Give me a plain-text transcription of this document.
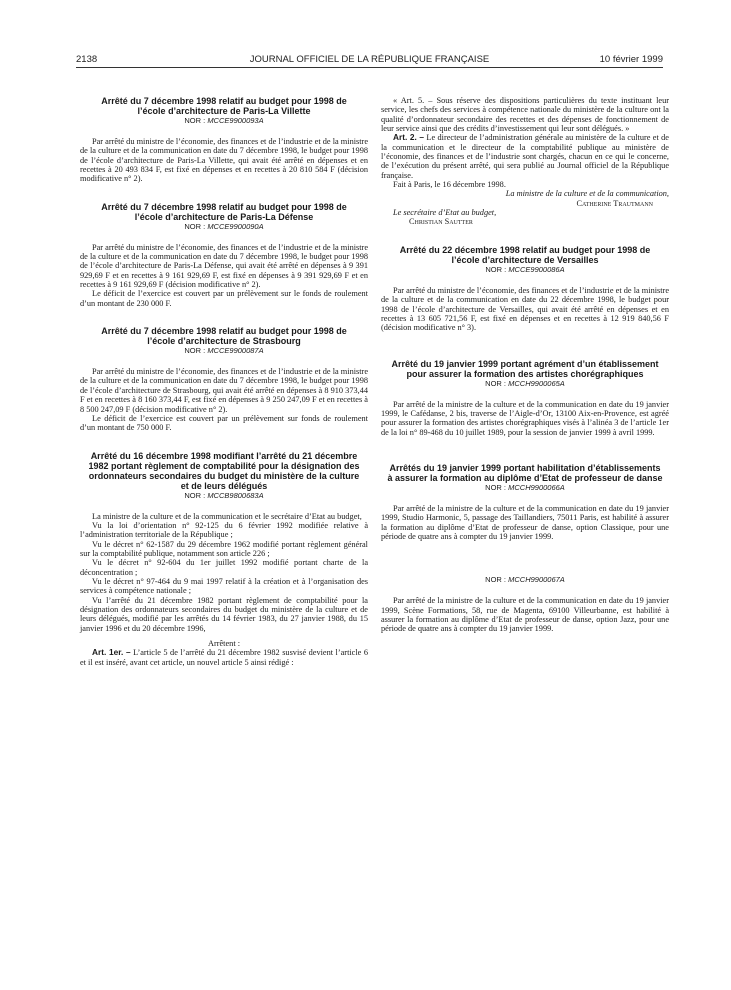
2138	JOURNAL OFFICIEL DE LA RÉPUBLIQUE FRANÇAISE	10 février 1999
Arrêté du 7 décembre 1998 relatif au budget pour 1998 de l’école d’architecture de Paris-La Villette
NOR : MCCE9900093A

Par arrêté du ministre de l’économie, des finances et de l’industrie et de la ministre de la culture et de la communication en date du 7 décembre 1998, le budget pour 1998 de l’école d’architecture de Paris-La Villette, qui avait été arrêté en dépenses et en recettes à 20 493 834 F, est fixé en dépenses et en recettes à 20 810 584 F (décision modificative n° 2).

Arrêté du 7 décembre 1998 relatif au budget pour 1998 de l’école d’architecture de Paris-La Défense
NOR : MCCE9900090A

Par arrêté du ministre de l’économie, des finances et de l’industrie et de la ministre de la culture et de la communication en date du 7 décembre 1998, le budget pour 1998 de l’école d’architecture de Paris-La Défense, qui avait été arrêté en dépenses à 9 391 929,69 F et en recettes à 9 161 929,69 F, est fixé en dépenses à 9 391 929,69 F et en recettes à 9 161 929,69 F (décision modificative n° 2).

Le déficit de l’exercice est couvert par un prélèvement sur le fonds de roulement d’un montant de 230 000 F.

Arrêté du 7 décembre 1998 relatif au budget pour 1998 de l’école d’architecture de Strasbourg
NOR : MCCE9900087A

Par arrêté du ministre de l’économie, des finances et de l’industrie et de la ministre de la culture et de la communication en date du 7 décembre 1998, le budget pour 1998 de l’école d’architecture de Strasbourg, qui avait été arrêté en dépenses à 8 910 373,44 F et en recettes à 8 160 373,44 F, est fixé en dépenses à 9 250 247,09 F et en recettes à 8 500 247,09 F (décision modificative n° 2).

Le déficit de l’exercice est couvert par un prélèvement sur fonds de roulement d’un montant de 750 000 F.

Arrêté du 16 décembre 1998 modifiant l’arrêté du 21 décembre 1982 portant règlement de comptabilité pour la désignation des ordonnateurs secondaires du budget du ministère de la culture et de leurs délégués
NOR : MCCB9800683A

La ministre de la culture et de la communication et le secrétaire d’Etat au budget,

Vu la loi d’orientation n° 92-125 du 6 février 1992 modifiée relative à l’administration territoriale de la République ;

Vu le décret n° 62-1587 du 29 décembre 1962 modifié portant règlement général sur la comptabilité publique, notamment son article 226 ;

Vu le décret n° 92-604 du 1er juillet 1992 modifié portant charte de la déconcentration ;

Vu le décret n° 97-464 du 9 mai 1997 relatif à la création et à l’organisation des services à compétence nationale ;

Vu l’arrêté du 21 décembre 1982 portant règlement de comptabilité pour la désignation des ordonnateurs secondaires du budget du ministère de la culture et de leurs délégués, modifié par les arrêtés du 14 février 1983, du 27 janvier 1988, du 15 janvier 1996 et du 20 décembre 1996,

Arrêtent :

Art. 1er. – L’article 5 de l’arrêté du 21 décembre 1982 susvisé devient l’article 6 et il est inséré, avant cet article, un nouvel article 5 ainsi rédigé :

« Art. 5. – Sous réserve des dispositions particulières du texte instituant leur service, les chefs des services à compétence nationale du ministère de la culture ont la qualité d’ordonnateur secondaire des recettes et des dépenses de fonctionnement de leur service ainsi que des crédits d’investissement qui leur sont délégués. »

Art. 2. – Le directeur de l’administration générale au ministère de la culture et de la communication et le directeur de la comptabilité publique au ministère de l’économie, des finances et de l’industrie sont chargés, chacun en ce qui le concerne, de l’exécution du présent arrêté, qui sera publié au Journal officiel de la République française.

Fait à Paris, le 16 décembre 1998.

La ministre de la culture et de la communication,

Catherine Trautmann

Le secrétaire d’Etat au budget,

Christian Sautter

Arrêté du 22 décembre 1998 relatif au budget pour 1998 de l’école d’architecture de Versailles
NOR : MCCE9900086A

Par arrêté du ministre de l’économie, des finances et de l’industrie et de la ministre de la culture et de la communication en date du 22 décembre 1998, le budget pour 1998 de l’école d’architecture de Versailles, qui avait été arrêté en dépenses et en recettes à 13 605 721,56 F, est fixé en dépenses et en recettes à 12 919 840,56 F (décision modificative n° 3).

Arrêté du 19 janvier 1999 portant agrément d’un établissement pour assurer la formation des artistes chorégraphiques
NOR : MCCH9900065A

Par arrêté de la ministre de la culture et de la communication en date du 19 janvier 1999, le Cafédanse, 2 bis, traverse de l’Aigle-d’Or, 13100 Aix-en-Provence, est agréé pour assurer la formation des artistes chorégraphiques visés à l’alinéa 3 de l’article 1er de la loi n° 89-468 du 10 juillet 1989, pour la session de janvier 1999 à avril 1999.

Arrêtés du 19 janvier 1999 portant habilitation d’établissements à assurer la formation au diplôme d’Etat de professeur de danse
NOR : MCCH9900066A

Par arrêté de la ministre de la culture et de la communication en date du 19 janvier 1999, Studio Harmonic, 5, passage des Taillandiers, 75011 Paris, est habilité à assurer la formation au diplôme d’Etat de professeur de danse, option Classique, pour une période de quatre ans à compter du 19 janvier 1999.

NOR : MCCH9900067A

Par arrêté de la ministre de la culture et de la communication en date du 19 janvier 1999, Scène Formations, 58, rue de Magenta, 69100 Villeurbanne, est habilité à assurer la formation au diplôme d’Etat de professeur de danse, option Jazz, pour une période de quatre ans à compter du 19 janvier 1999.
